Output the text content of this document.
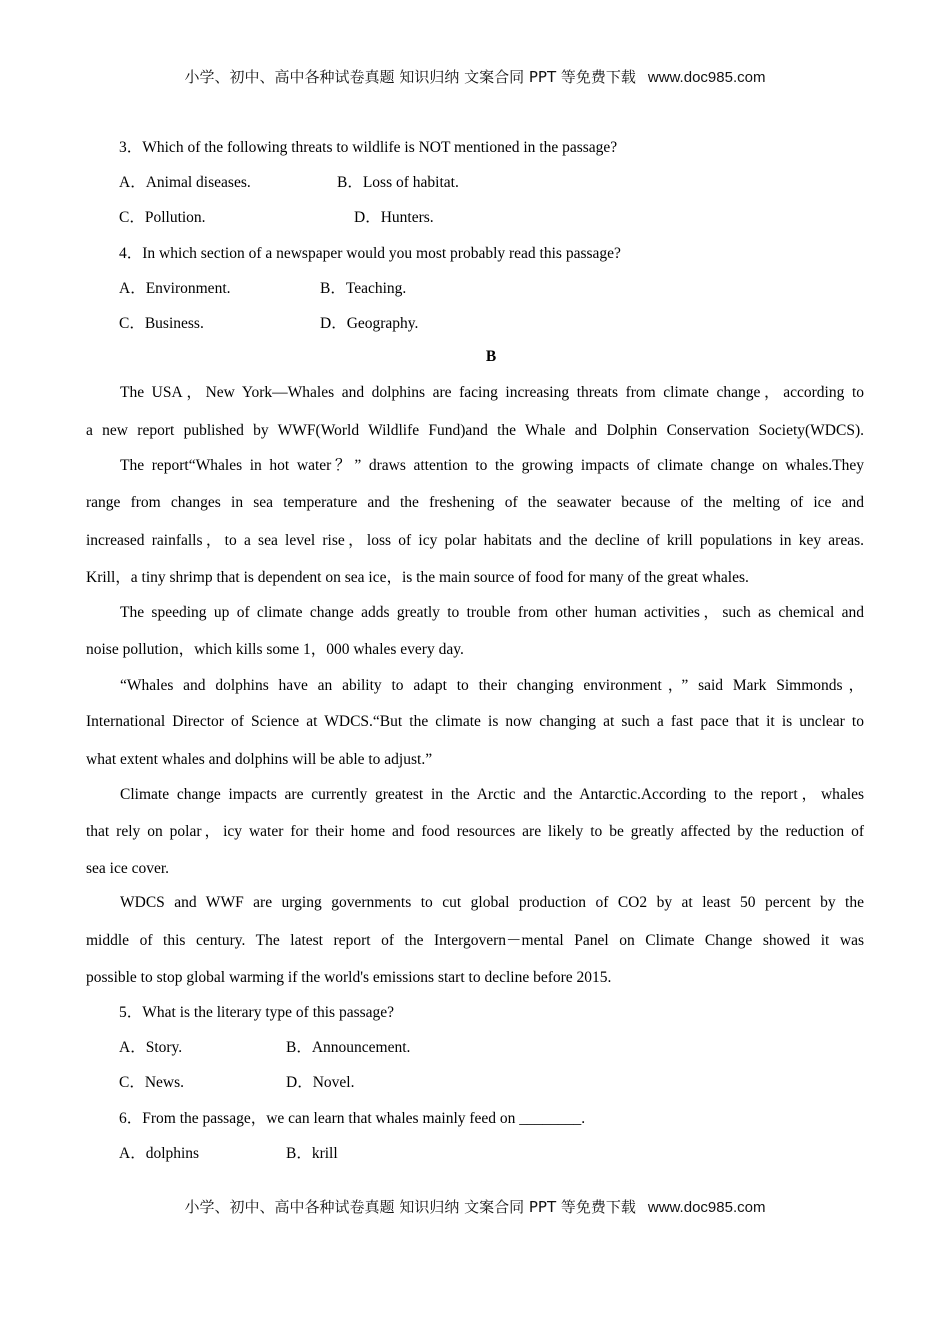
小学、初中、高中各种试卷真题 知识归纳 文案合同 PPT 等免费下载 www.doc985.com
3．Which of the following threats to wildlife is NOT mentioned in the passage?
A．Animal diseases.	B．Loss of habitat.
C．Pollution.	D．Hunters.
4．In which section of a newspaper would you most probably read this passage?
A．Environment.	B．Teaching.
C．Business.	D．Geography.
B
The USA，New York—Whales and dolphins are facing increasing threats from climate change，according to
a new report published by WWF(World Wildlife Fund)and the Whale and Dolphin Conservation Society(WDCS).
The report“Whales in hot water？” draws attention to the growing impacts of climate change on whales.They
range from changes in sea temperature and the freshening of the seawater because of the melting of ice and
increased rainfalls，to a sea level rise，loss of icy polar habitats and the decline of krill populations in key areas.
Krill，a tiny shrimp that is dependent on sea ice，is the main source of food for many of the great whales.
The speeding up of climate change adds greatly to trouble from other human activities，such as chemical and
noise pollution，which kills some 1，000 whales every day.
“Whales and dolphins have an ability to adapt to their changing environment，” said Mark Simmonds，
International Director of Science at WDCS.“But the climate is now changing at such a fast pace that it is unclear to
what extent whales and dolphins will be able to adjust.”
Climate change impacts are currently greatest in the Arctic and the Antarctic.According to the report，whales
that rely on polar，icy water for their home and food resources are likely to be greatly affected by the reduction of
sea ice cover.
WDCS and WWF are urging governments to cut global production of CO2 by at least 50 percent by the
middle of this century. The latest report of the Intergovern－mental Panel on Climate Change showed it was
possible to stop global warming if the world's emissions start to decline before 2015.
5．What is the literary type of this passage?
A．Story.	B．Announcement.
C．News.	D．Novel.
6．From the passage，we can learn that whales mainly feed on ________.
A．dolphins	B．krill
小学、初中、高中各种试卷真题 知识归纳 文案合同 PPT 等免费下载 www.doc985.com
